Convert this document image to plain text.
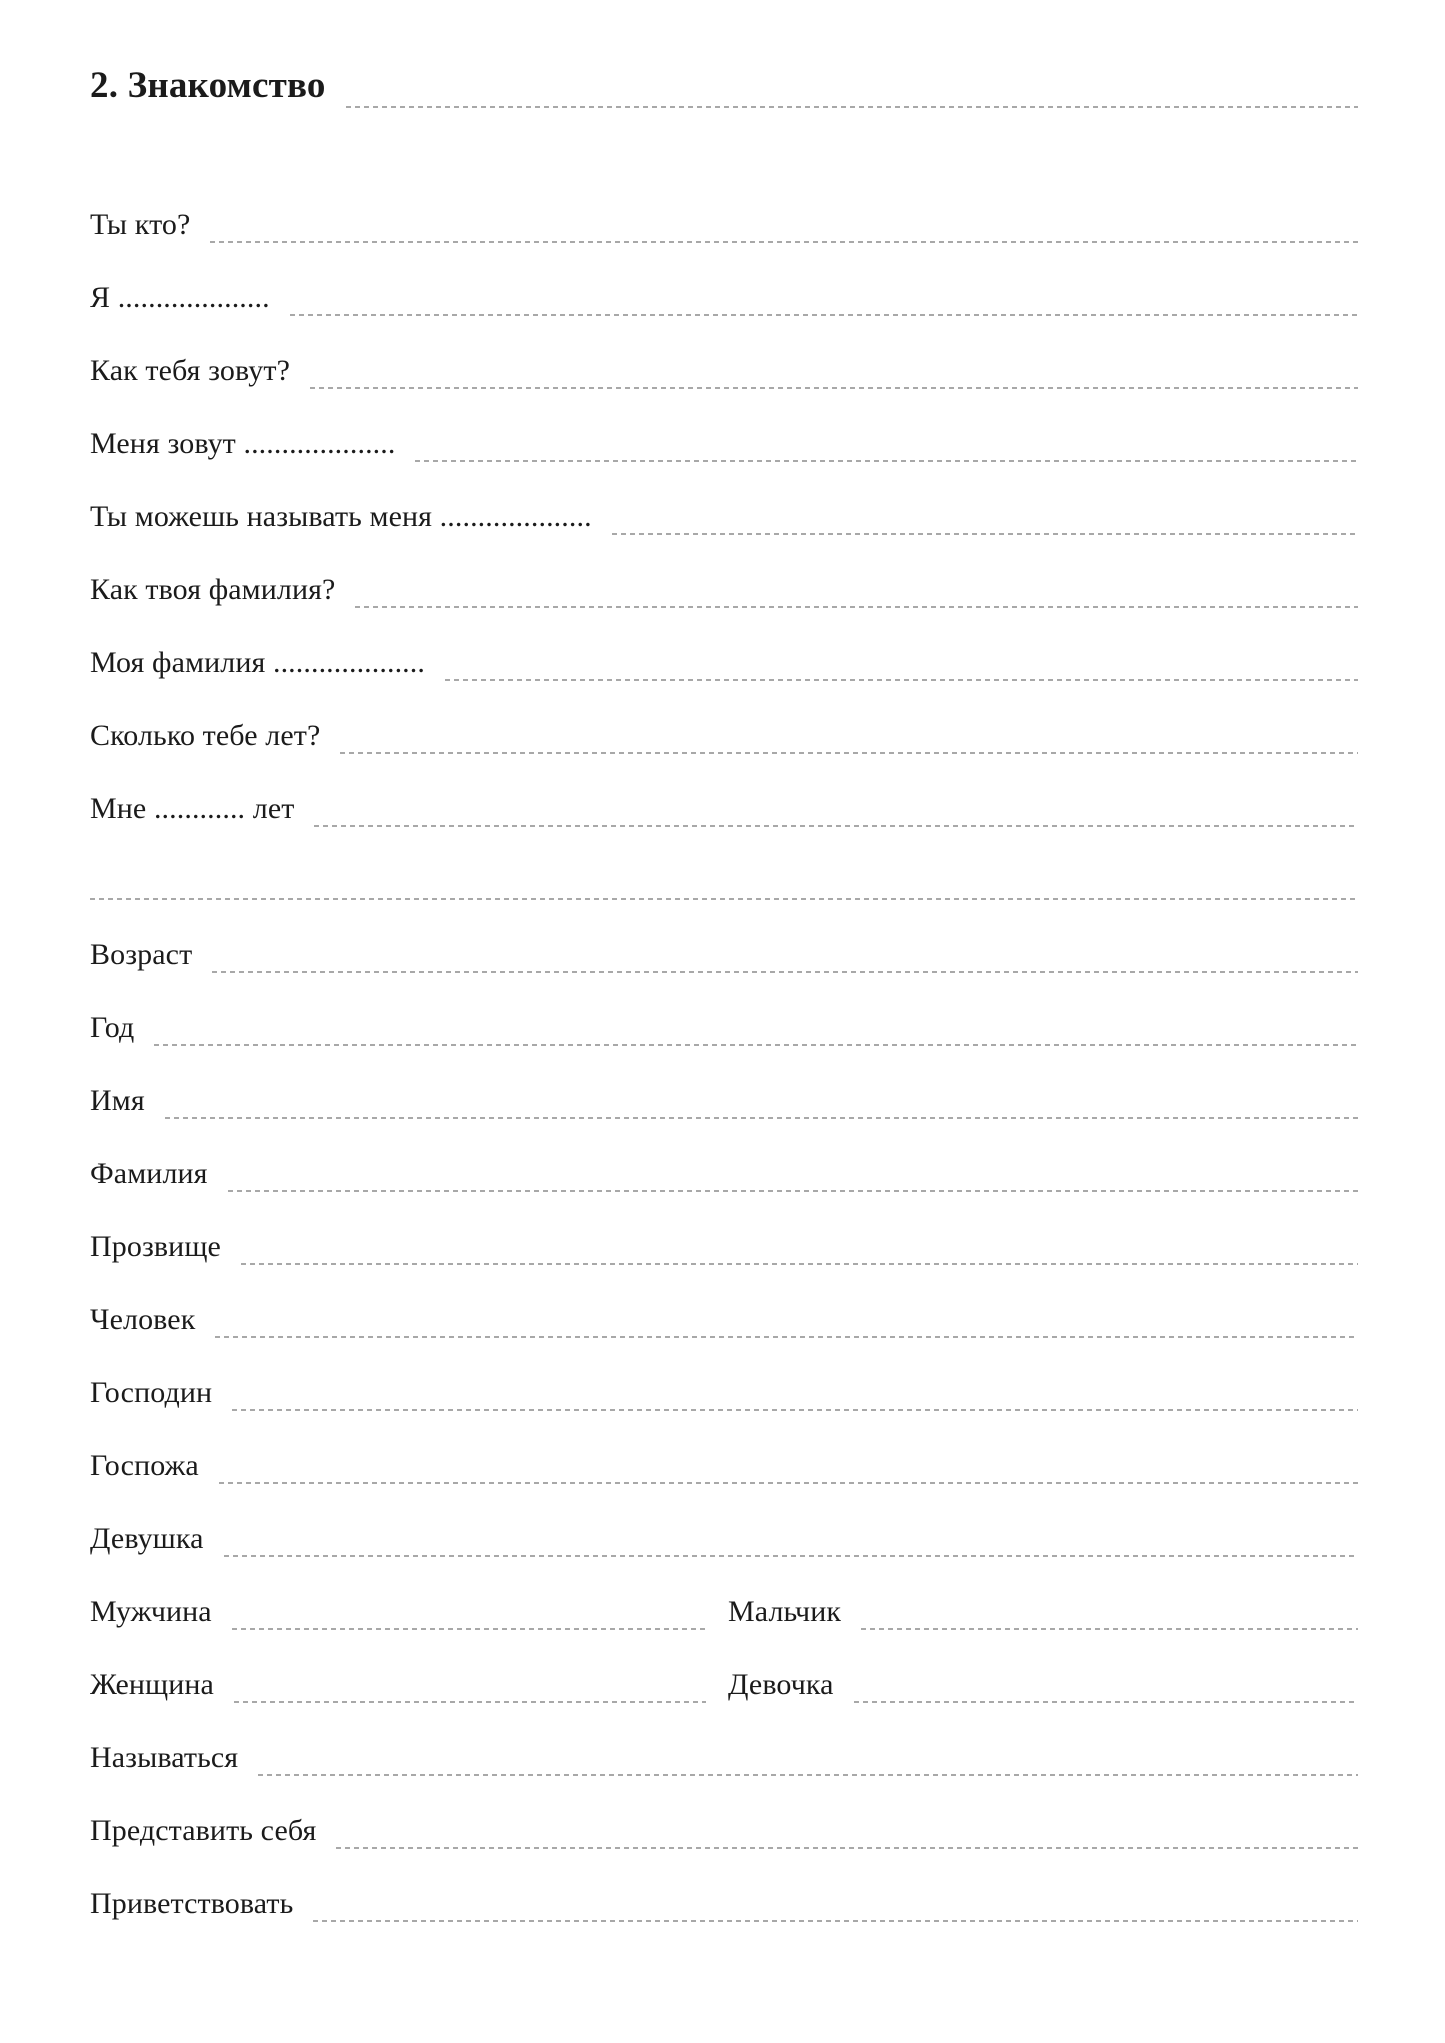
2. Знакомство
Ты кто?
Я ....................
Как тебя зовут?
Меня зовут ....................
Ты можешь называть меня ....................
Как твоя фамилия?
Моя фамилия ....................
Сколько тебе лет?
Мне ............ лет
Возраст
Год
Имя
Фамилия
Прозвище
Человек
Господин
Госпожа
Девушка
Мужчина	Мальчик
Женщина	Девочка
Называться
Представить себя
Приветствовать
